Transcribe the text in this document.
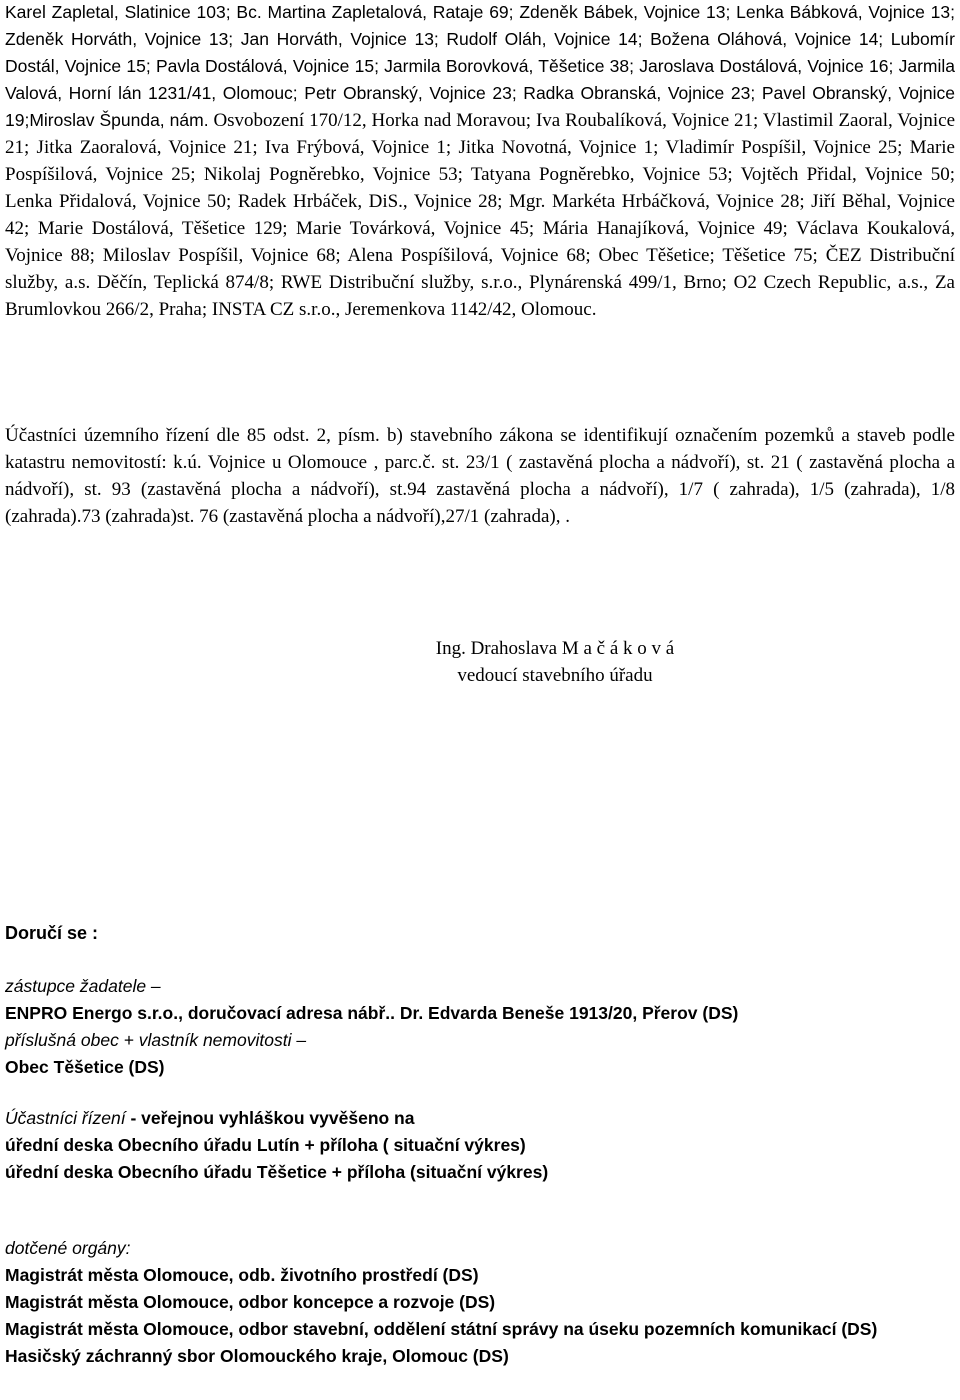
Karel Zapletal, Slatinice 103; Bc. Martina Zapletalová, Rataje 69; Zdeněk Bábek, Vojnice 13; Lenka Bábková, Vojnice 13; Zdeněk Horváth, Vojnice 13; Jan Horváth, Vojnice 13; Rudolf Oláh, Vojnice 14; Božena Oláhová, Vojnice 14; Lubomír Dostál, Vojnice 15; Pavla Dostálová, Vojnice 15; Jarmila Borovková, Těšetice 38; Jaroslava Dostálová, Vojnice 16; Jarmila Valová, Horní lán 1231/41, Olomouc; Petr Obranský, Vojnice 23; Radka Obranská, Vojnice 23; Pavel Obranský, Vojnice 19;Miroslav Špunda, nám. Osvobození 170/12, Horka nad Moravou; Iva Roubalíková, Vojnice 21; Vlastimil Zaoral, Vojnice 21; Jitka Zaoralová, Vojnice 21; Iva Frýbová, Vojnice 1; Jitka Novotná, Vojnice 1; Vladimír Pospíšil, Vojnice 25; Marie Pospíšilová, Vojnice 25; Nikolaj Pogněrebko, Vojnice 53; Tatyana Pogněrebko, Vojnice 53; Vojtěch Přidal, Vojnice 50; Lenka Přidalová, Vojnice 50; Radek Hrbáček, DiS., Vojnice 28; Mgr. Markéta Hrbáčková, Vojnice 28; Jiří Běhal, Vojnice 42; Marie Dostálová, Těšetice 129; Marie Továrková, Vojnice 45; Mária Hanajíková, Vojnice 49; Václava Koukalová, Vojnice 88; Miloslav Pospíšil, Vojnice 68; Alena Pospíšilová, Vojnice 68; Obec Těšetice; Těšetice 75; ČEZ Distribuční služby, a.s. Děčín, Teplická 874/8; RWE Distribuční služby, s.r.o., Plynárenská 499/1, Brno; O2 Czech Republic, a.s., Za Brumlovkou 266/2, Praha; INSTA CZ s.r.o., Jeremenkova 1142/42, Olomouc.

Účastníci územního řízení dle 85 odst. 2, písm. b) stavebního zákona se identifikují označením pozemků a staveb podle katastru nemovitostí: k.ú. Vojnice u Olomouce , parc.č. st. 23/1 ( zastavěná plocha a nádvoří), st. 21 ( zastavěná plocha a nádvoří), st. 93 (zastavěná plocha a nádvoří), st.94 zastavěná plocha a nádvoří), 1/7 ( zahrada), 1/5 (zahrada), 1/8 (zahrada).73 (zahrada)st. 76 (zastavěná plocha a nádvoří),27/1 (zahrada), .

Ing. Drahoslava M a č á k o v á
vedoucí stavebního úřadu

Doručí se :

zástupce žadatele –

ENPRO Energo s.r.o., doručovací adresa nábř.. Dr. Edvarda Beneše 1913/20, Přerov (DS)

příslušná obec + vlastník nemovitosti –

Obec Těšetice (DS)

Účastníci řízení - veřejnou vyhláškou vyvěšeno na

úřední deska Obecního úřadu Lutín + příloha ( situační výkres)

úřední deska Obecního úřadu Těšetice + příloha (situační výkres)

dotčené orgány:

Magistrát města Olomouce, odb. životního prostředí (DS)

Magistrát města Olomouce, odbor koncepce a rozvoje (DS)

Magistrát města Olomouce, odbor stavební, oddělení státní správy na úseku pozemních komunikací (DS)

Hasičský záchranný sbor Olomouckého kraje, Olomouc (DS)
